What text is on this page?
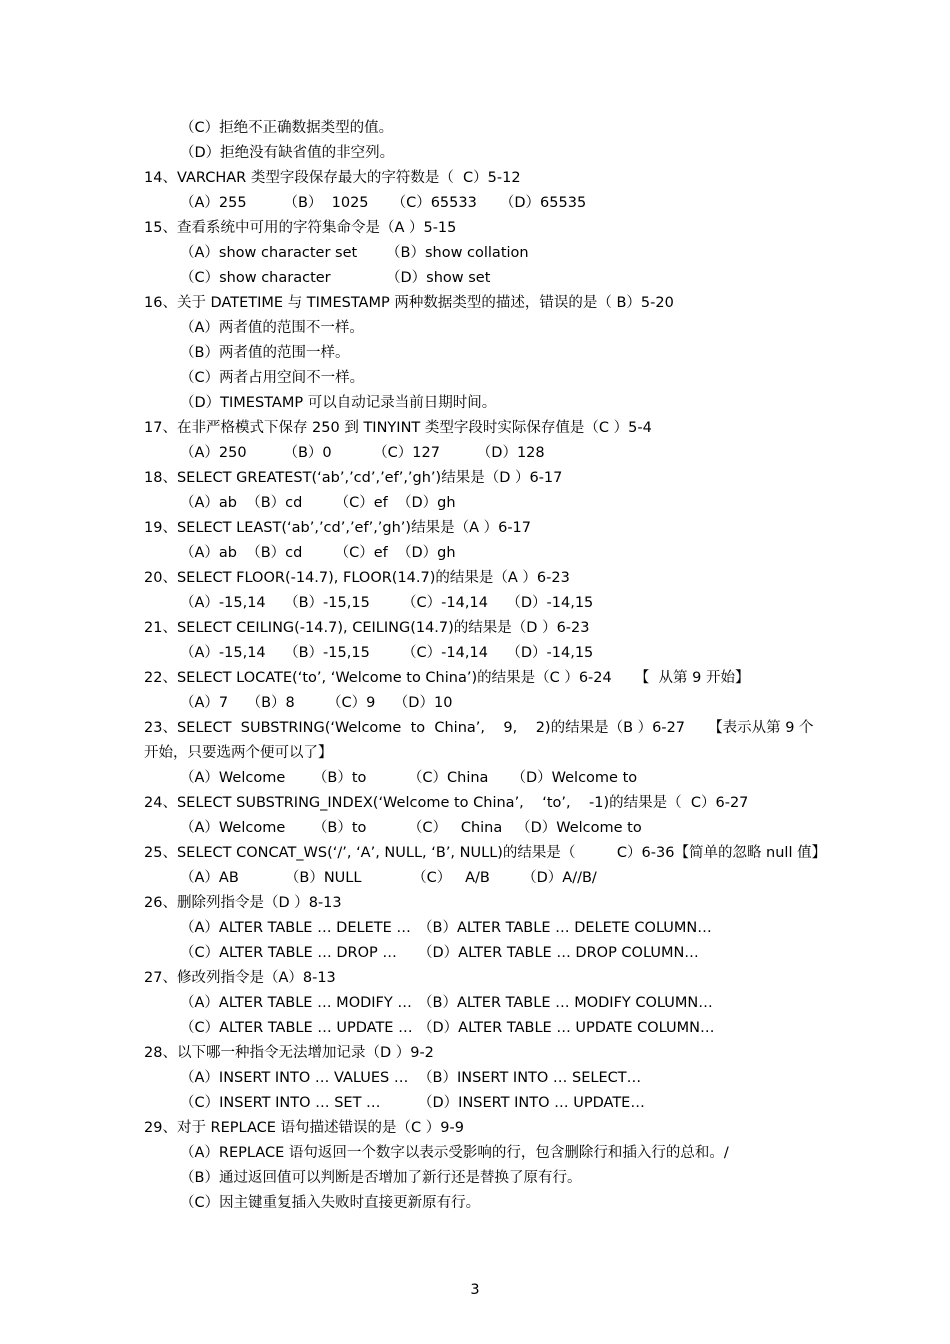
（C）拒绝不正确数据类型的值。
（D）拒绝没有缺省值的非空列。
14、VARCHAR 类型字段保存最大的字符数是（  C）5-12
（A）255        （B）  1025     （C）65533     （D）65535
15、查看系统中可用的字符集命令是（A ）5-15
（A）show character set （B）show collation
（C）show character	（D）show set
16、关于 DATETIME 与 TIMESTAMP 两种数据类型的描述，错误的是（ B）5-20
（A）两者值的范围不一样。
（B）两者值的范围一样。
（C）两者占用空间不一样。
（D）TIMESTAMP 可以自动记录当前日期时间。
17、在非严格模式下保存 250 到 TINYINT 类型字段时实际保存值是（C ）5-4
（A）250        （B）0         （C）127        （D）128
18、SELECT GREATEST(‘ab’,’cd’,’ef’,’gh’)结果是（D ）6-17
（A）ab  （B）cd       （C）ef  （D）gh
19、SELECT LEAST(‘ab’,’cd’,’ef’,’gh’)结果是（A ）6-17
（A）ab  （B）cd       （C）ef  （D）gh
20、SELECT FLOOR(-14.7), FLOOR(14.7)的结果是（A ）6-23
（A）-15,14    （B）-15,15       （C）-14,14    （D）-14,15
21、SELECT CEILING(-14.7), CEILING(14.7)的结果是（D ）6-23
（A）-15,14    （B）-15,15       （C）-14,14    （D）-14,15
22、SELECT LOCATE(‘to’, ‘Welcome to China’)的结果是（C ）6-24     【  从第 9 开始】
（A）7    （B）8       （C）9    （D）10
23、SELECT  SUBSTRING(‘Welcome  to  China’,    9,    2)的结果是（B ）6-27     【表示从第 9 个
开始，只要选两个便可以了】
（A）Welcome      （B）to         （C）China     （D）Welcome to
24、SELECT SUBSTRING_INDEX(‘Welcome to China’,    ‘to’,    -1)的结果是（  C）6-27
（A）Welcome      （B）to         （C）   China   （D）Welcome to
25、SELECT CONCAT_WS(‘/’, ‘A’, NULL, ‘B’, NULL)的结果是（         C）6-36【简单的忽略 null 值】
（A）AB          （B）NULL           （C）   A/B       （D）A//B/
26、删除列指令是（D ）8-13
（A）ALTER TABLE … DELETE … （B）ALTER TABLE … DELETE COLUMN…
（C）ALTER TABLE … DROP … （D）ALTER TABLE … DROP COLUMN…
27、修改列指令是（A）8-13
（A）ALTER TABLE … MODIFY … （B）ALTER TABLE … MODIFY COLUMN…
（C）ALTER TABLE … UPDATE … （D）ALTER TABLE … UPDATE COLUMN…
28、以下哪一种指令无法增加记录（D ）9-2
（A）INSERT INTO … VALUES … （B）INSERT INTO … SELECT…
（C）INSERT INTO … SET …	（D）INSERT INTO … UPDATE…
29、对于 REPLACE 语句描述错误的是（C ）9-9
（A）REPLACE 语句返回一个数字以表示受影响的行，包含删除行和插入行的总和。/
（B）通过返回值可以判断是否增加了新行还是替换了原有行。
（C）因主键重复插入失败时直接更新原有行。
3
